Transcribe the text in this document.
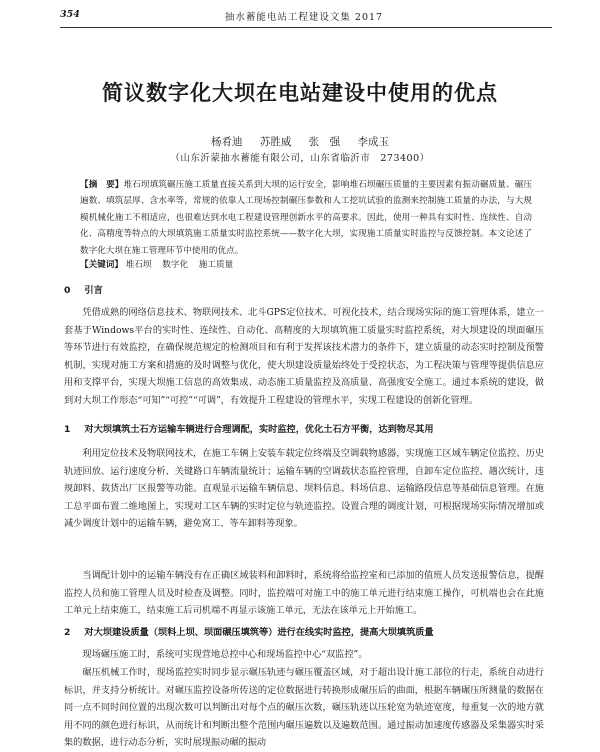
354	抽水蓄能电站工程建设文集 2017
简议数字化大坝在电站建设中使用的优点
杨肴迪 苏胜威 张　强 李成玉
（山东沂蒙抽水蓄能有限公司，山东省临沂市　273400）
【摘　要】堆石坝填筑碾压施工质量直接关系到大坝的运行安全，影响堆石坝碾压质量的主要因素有振动碾质量、碾压遍数、填筑层厚、含水率等，常规的依靠人工现场控制碾压参数和人工挖坑试验的监测来控制施工质量的办法，与大规模机械化施工不相适应，也很难达到水电工程建设管理创新水平的高要求。因此，使用一种具有实时性、连续性、自动化、高精度等特点的大坝填筑施工质量实时监控系统——数字化大坝，实现施工质量实时监控与反馈控制。本文论述了数字化大坝在施工管理环节中使用的优点。
【关键词】 堆石坝 数字化 施工质量
0 引言
凭借成熟的网络信息技术、物联网技术、北斗GPS定位技术、可视化技术，结合现场实际的施工管理体系，建立一套基于Windows平台的实时性、连续性、自动化、高精度的大坝填筑施工质量实时监控系统，对大坝建设的坝面碾压等环节进行有效监控，在确保规范规定的检测项目和有利于发挥该技术潜力的条件下，建立质量的动态实时控制及预警机制，实现对施工方案和措施的及时调整与优化，使大坝建设质量始终处于受控状态，为工程决策与管理等提供信息应用和支撑平台，实现大坝施工信息的高效集成、动态施工质量监控及高质量、高强度安全施工。通过本系统的建设，做到对大坝工作形态“可知”“可控”“可调”，有效提升工程建设的管理水平，实现工程建设的创新化管理。
1 对大坝填筑土石方运输车辆进行合理调配，实时监控，优化土石方平衡，达到物尽其用
利用定位技术及物联网技术，在施工车辆上安装车载定位终端及空调载物感器，实现施工区域车辆定位监控、历史轨迹回放、运行速度分析、关键路口车辆流量统计；运输车辆的空调载状态监控管理，自卸车定位监控、趟次统计，违规卸料、载货出厂区报警等功能。直观显示运输车辆信息、坝料信息、料场信息、运输路段信息等基础信息管理。在施工总平面布置二维地图上，实现对工区车辆的实时定位与轨迹监控。设置合理的调度计划，可根据现场实际情况增加或减少调度计划中的运输车辆，避免窝工、等车卸料等现象。
当调配计划中的运输车辆没有在正确区域装料和卸料时，系统将给监控室和已添加的值班人员发送报警信息，提醒监控人员和施工管理人员及时检查及调整。同时，监控端可对施工中的施工单元进行结束施工操作，可机端也会在此施工单元上结束施工，结束施工后司机端不再显示该施工单元，无法在该单元上开始施工。
2 对大坝建设质量（坝料上坝、坝面碾压填筑等）进行在线实时监控，提高大坝填筑质量
现场碾压施工时，系统可实现营地总控中心和现场监控中心“双监控”。
碾压机械工作时，现场监控实时同步显示碾压轨迹与碾压覆盖区域，对于超出设计施工部位的行走，系统自动进行标识，并支持分析统计。对碾压监控设备所传送的定位数据进行转换形成碾压后的曲面，根据车辆碾压所测量的数据在同一点不同时间位置的出现次数可以判断出对每个点的碾压次数，碾压轨迹以压轮宽为轨迹宽度，每重复一次的地方就用不同的颜色进行标识，从而统计和判断出整个范围内碾压遍数以及遍数范围。通过振动加速度传感器及采集器实时采集的数据，进行动态分析，实时展现振动碾的振动
